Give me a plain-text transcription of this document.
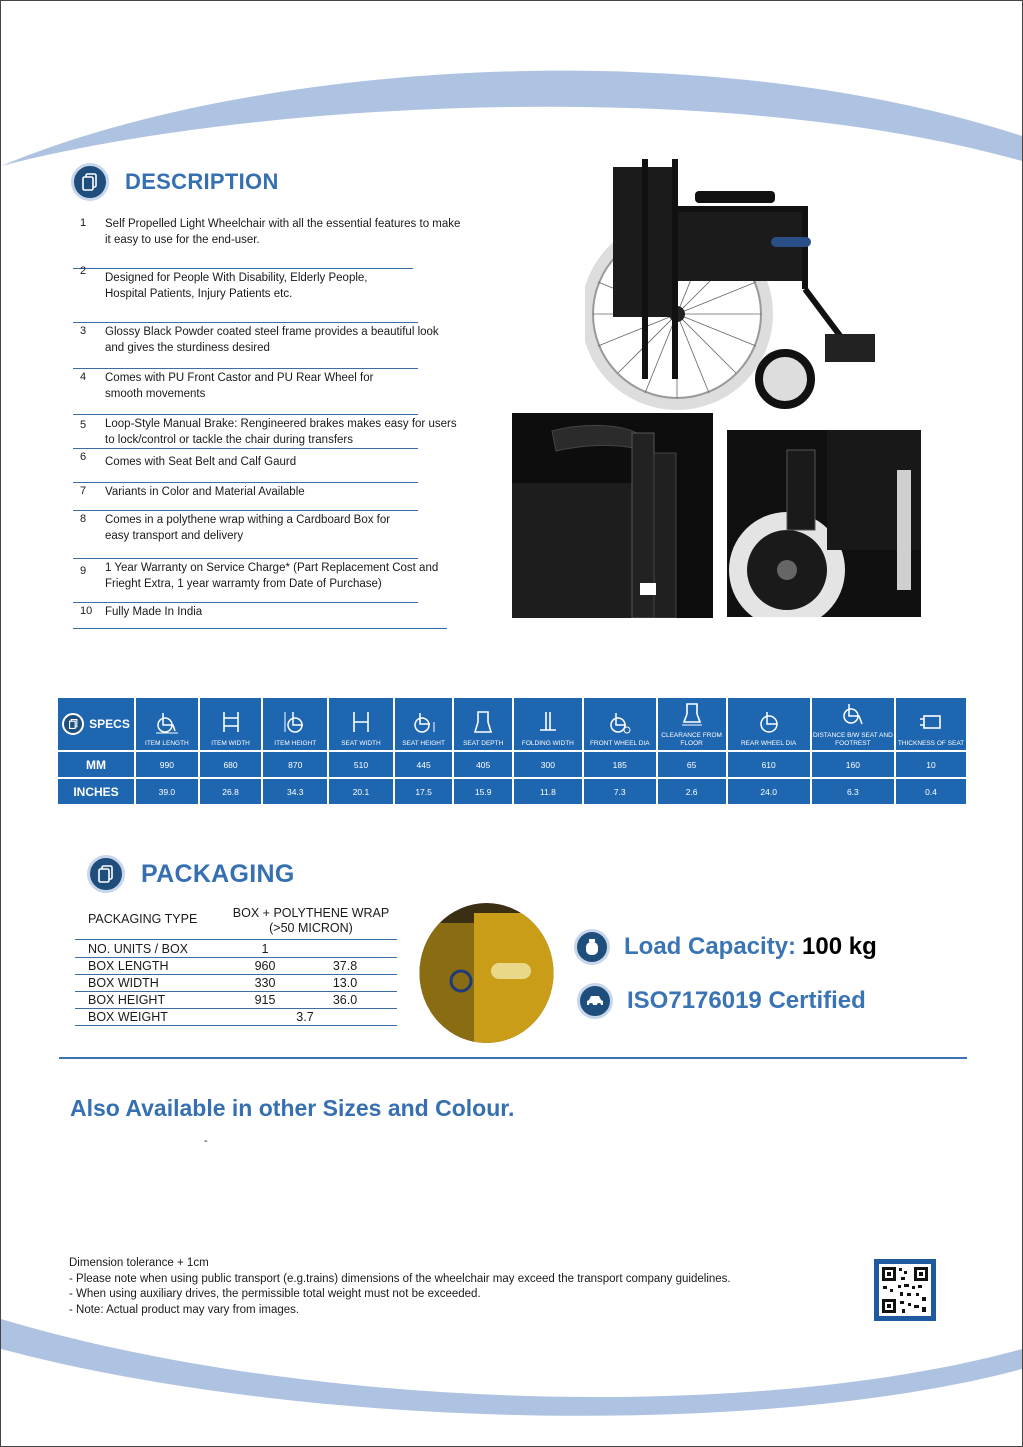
DESCRIPTION
1	Self Propelled Light Wheelchair with all the essential features to make it easy to use for the end-user.
2
Designed for People With Disability, Elderly People, Hospital Patients, Injury Patients etc.
3	Glossy Black Powder coated steel frame provides a beautiful look and gives the sturdiness desired
4	Comes with PU Front Castor and PU Rear Wheel for smooth movements
5	Loop-Style Manual Brake: Rengineered brakes makes easy for users to lock/control or tackle the chair during transfers
6	Comes with Seat Belt and Calf Gaurd
7	Variants in Color and Material Available
8	Comes in a polythene wrap withing a Cardboard Box for easy transport and delivery
9	1 Year Warranty on Service Charge* (Part Replacement Cost and Frieght Extra, 1 year warramty from Date of Purchase)
10	Fully Made In India
SPECS	ITEM LENGTH	ITEM WIDTH	ITEM HEIGHT	SEAT WIDTH	SEAT HEIGHT	SEAT DEPTH	FOLDING WIDTH	FRONT WHEEL DIA	CLEARANCE FROM FLOOR	REAR WHEEL DIA	DISTANCE B/W SEAT AND FOOTREST	THICKNESS OF SEAT

MM	990	680	870	510	445	405	300	185	65	610	160	10
INCHES	39.0	26.8	34.3	20.1	17.5	15.9	11.8	7.3	2.6	24.0	6.3	0.4
PACKAGING
PACKAGING TYPE	BOX + POLYTHENE WRAP
(>50 MICRON)
NO. UNITS / BOX	1
BOX LENGTH	960	37.8
BOX WIDTH	330	13.0
BOX HEIGHT	915	36.0
BOX WEIGHT	3.7
Load Capacity: 100 kg
ISO7176019 Certified
Also Available in other Sizes and Colour.
-
Dimension tolerance + 1cm
- Please note when using public transport (e.g.trains) dimensions of the wheelchair may exceed the transport company guidelines.
- When using auxiliary drives, the permissible total weight must not be exceeded.
- Note: Actual product may vary from images.
